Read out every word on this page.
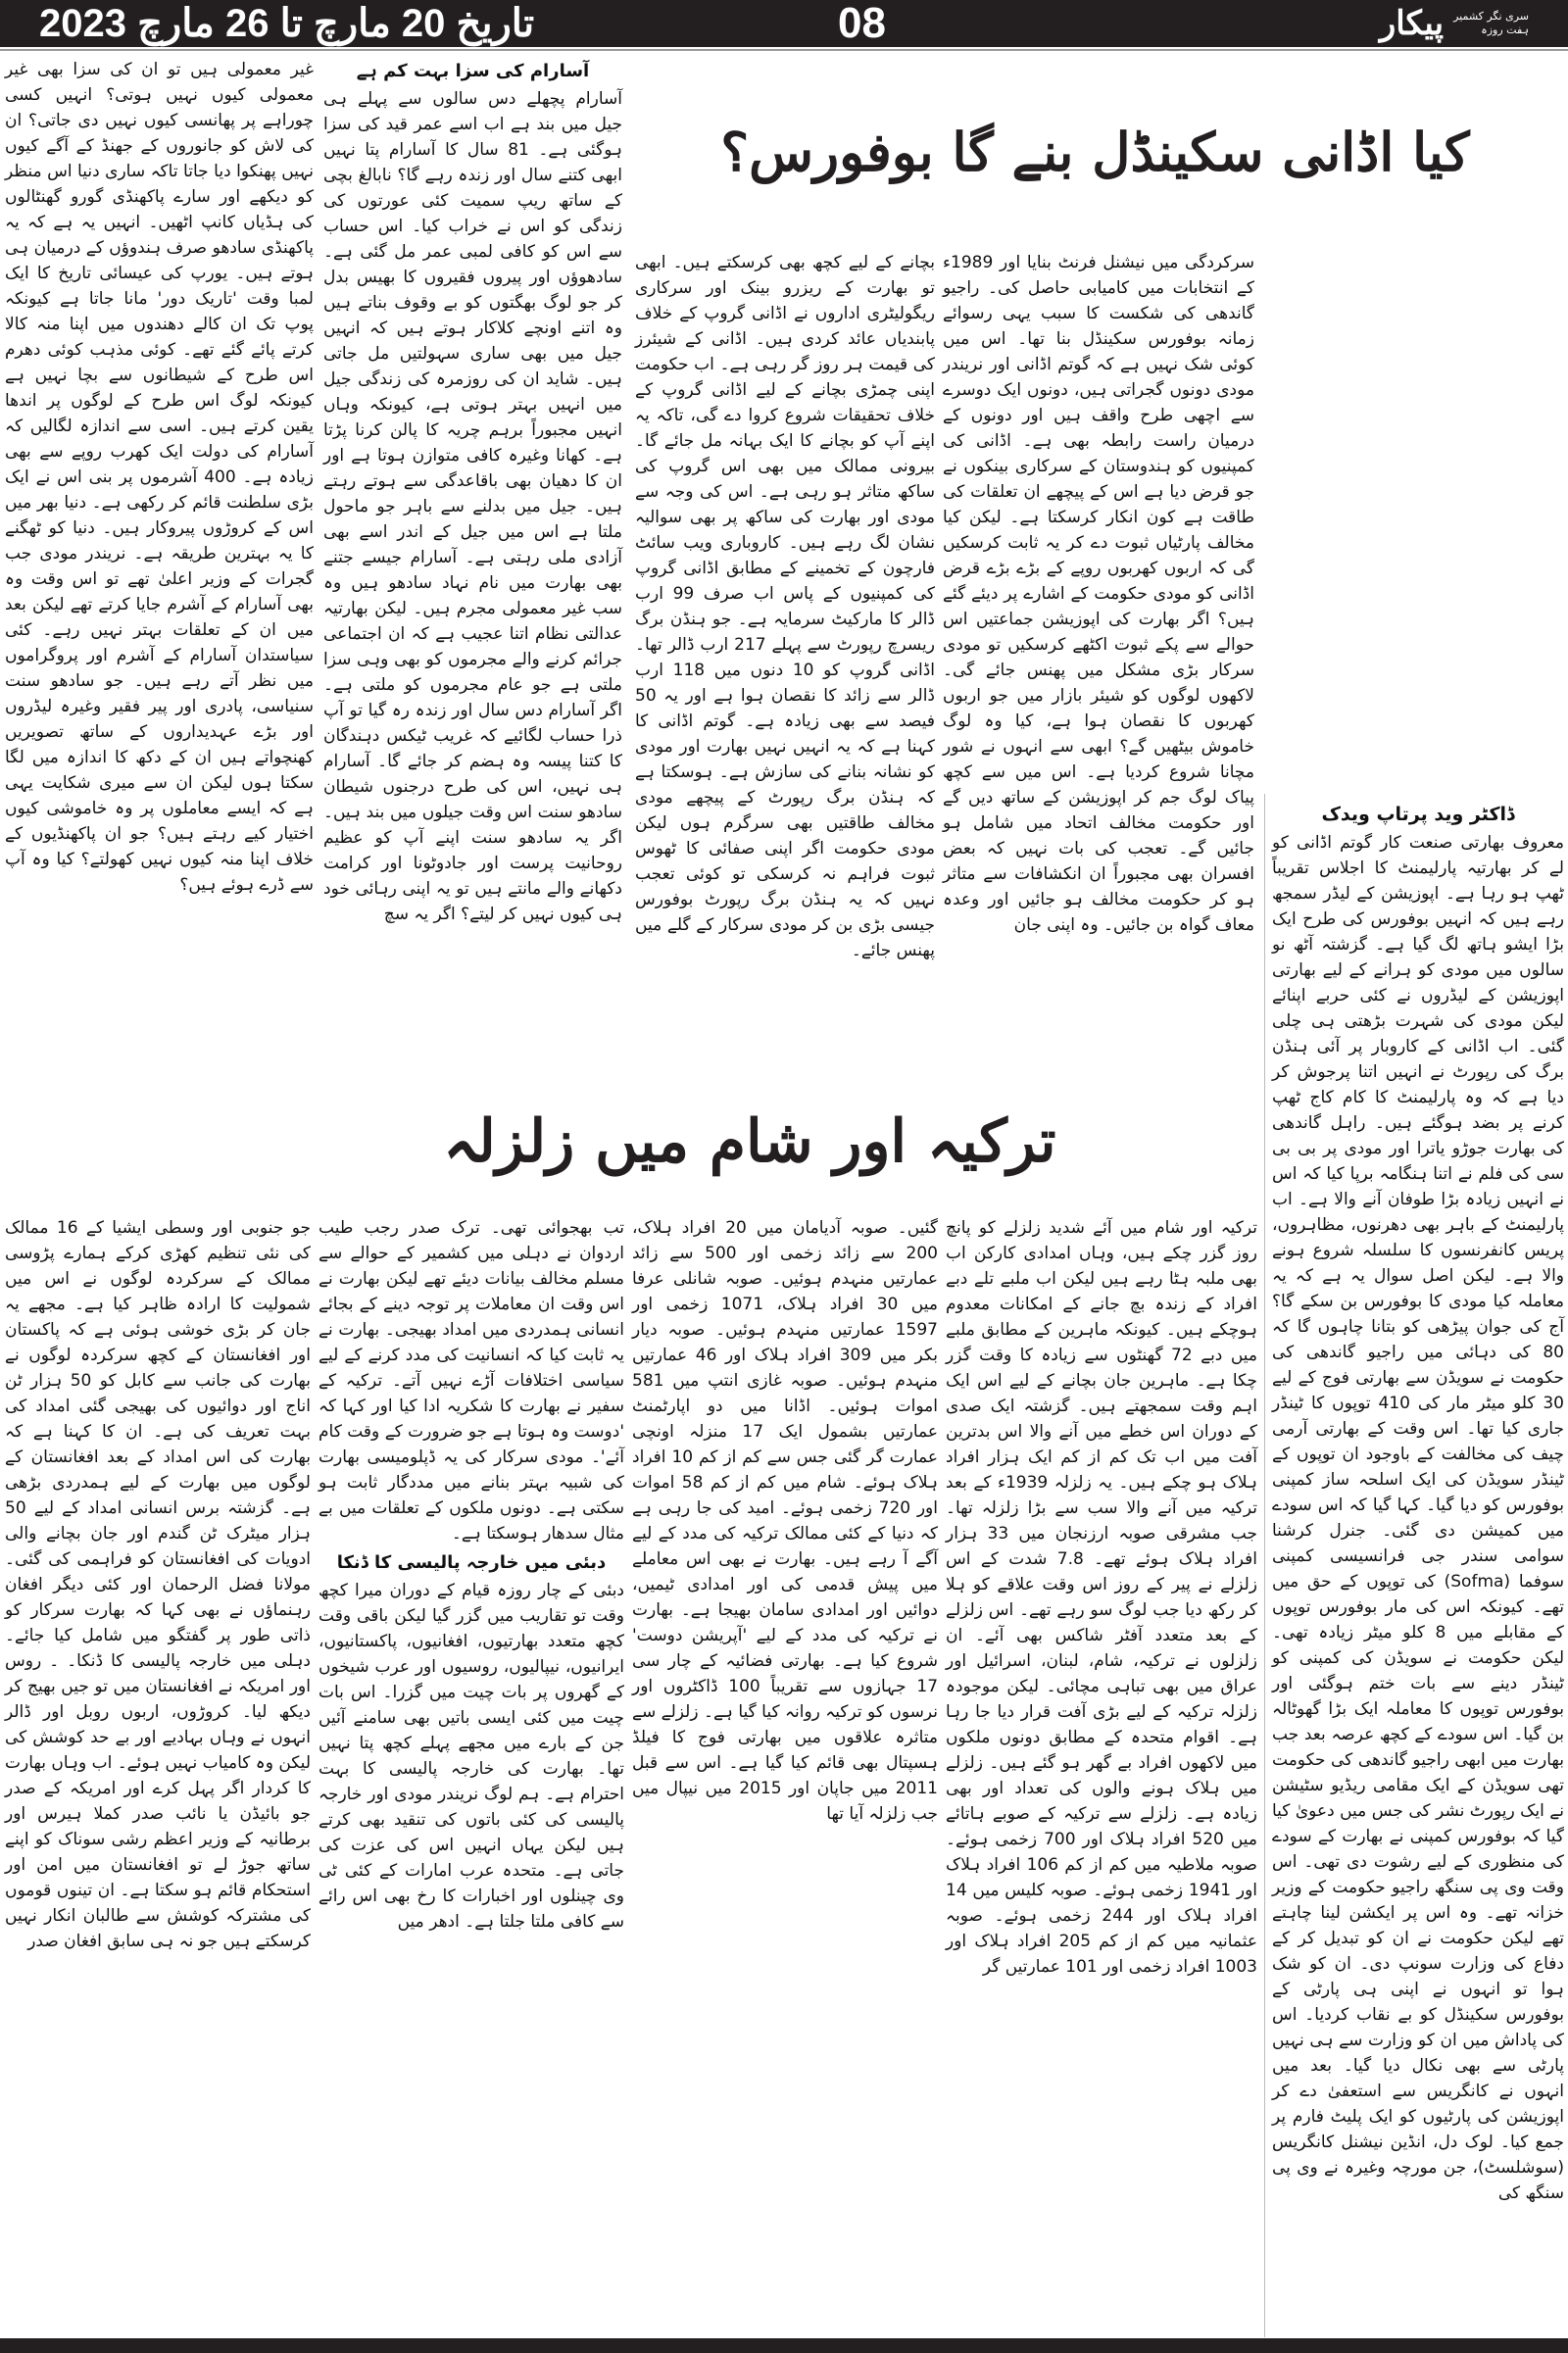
تاریخ 20 مارچ تا 26 مارچ 2023	08	سری نگر کشمیر
ہفت روزہ
پیکار
کیا اڈانی سکینڈل بنے گا بوفورس؟

سرکردگی میں نیشنل فرنٹ بنایا اور 1989ء کے انتخابات میں کامیابی حاصل کی۔ راجیو گاندھی کی شکست کا سبب یہی رسوائے زمانہ بوفورس سکینڈل بنا تھا۔ اس میں کوئی شک نہیں ہے کہ گوتم اڈانی اور نریندر مودی دونوں گجراتی ہیں، دونوں ایک دوسرے سے اچھی طرح واقف ہیں اور دونوں کے درمیان راست رابطہ بھی ہے۔ اڈانی کی کمپنیوں کو ہندوستان کے سرکاری بینکوں نے جو قرض دیا ہے اس کے پیچھے ان تعلقات کی طاقت ہے کون انکار کرسکتا ہے۔ لیکن کیا مخالف پارٹیاں ثبوت دے کر یہ ثابت کرسکیں گی کہ اربوں کھربوں روپے کے بڑے بڑے قرض اڈانی کو مودی حکومت کے اشارے پر دیئے گئے ہیں؟ اگر بھارت کی اپوزیشن جماعتیں اس حوالے سے پکے ثبوت اکٹھے کرسکیں تو مودی سرکار بڑی مشکل میں پھنس جائے گی۔ لاکھوں لوگوں کو شیئر بازار میں جو اربوں کھربوں کا نقصان ہوا ہے، کیا وہ لوگ خاموش بیٹھیں گے؟ ابھی سے انہوں نے شور مچانا شروع کردیا ہے۔ اس میں سے کچھ پیاک لوگ جم کر اپوزیشن کے ساتھ دیں گے اور حکومت مخالف اتحاد میں شامل ہو جائیں گے۔ تعجب کی بات نہیں کہ بعض افسران بھی مجبوراً ان انکشافات سے متاثر ہو کر حکومت مخالف ہو جائیں اور وعدہ معاف گواہ بن جائیں۔ وہ اپنی جان

بچانے کے لیے کچھ بھی کرسکتے ہیں۔ ابھی تو بھارت کے ریزرو بینک اور سرکاری ریگولیٹری اداروں نے اڈانی گروپ کے خلاف پابندیاں عائد کردی ہیں۔ اڈانی کے شیئرز کی قیمت ہر روز گر رہی ہے۔ اب حکومت اپنی چمڑی بچانے کے لیے اڈانی گروپ کے خلاف تحقیقات شروع کروا دے گی، تاکہ یہ اپنے آپ کو بچانے کا ایک بہانہ مل جائے گا۔ بیرونی ممالک میں بھی اس گروپ کی ساکھ متاثر ہو رہی ہے۔ اس کی وجہ سے مودی اور بھارت کی ساکھ پر بھی سوالیہ نشان لگ رہے ہیں۔ کاروباری ویب سائٹ فارچون کے تخمینے کے مطابق اڈانی گروپ کی کمپنیوں کے پاس اب صرف 99 ارب ڈالر کا مارکیٹ سرمایہ ہے۔ جو ہنڈن برگ ریسرچ رپورٹ سے پہلے 217 ارب ڈالر تھا۔ اڈانی گروپ کو 10 دنوں میں 118 ارب ڈالر سے زائد کا نقصان ہوا ہے اور یہ 50 فیصد سے بھی زیادہ ہے۔ گوتم اڈانی کا کہنا ہے کہ یہ انہیں نہیں بھارت اور مودی کو نشانہ بنانے کی سازش ہے۔ ہوسکتا ہے کہ ہنڈن برگ رپورٹ کے پیچھے مودی مخالف طاقتیں بھی سرگرم ہوں لیکن مودی حکومت اگر اپنی صفائی کا ٹھوس ثبوت فراہم نہ کرسکی تو کوئی تعجب نہیں کہ یہ ہنڈن برگ رپورٹ بوفورس جیسی بڑی بن کر مودی سرکار کے گلے میں پھنس جائے۔

ڈاکٹر وید پرتاپ ویدک

معروف بھارتی صنعت کار گوتم اڈانی کو لے کر بھارتیہ پارلیمنٹ کا اجلاس تقریباً ٹھپ ہو رہا ہے۔ اپوزیشن کے لیڈر سمجھ رہے ہیں کہ انہیں بوفورس کی طرح ایک بڑا ایشو ہاتھ لگ گیا ہے۔ گزشتہ آٹھ نو سالوں میں مودی کو ہرانے کے لیے بھارتی اپوزیشن کے لیڈروں نے کئی حربے اپنائے لیکن مودی کی شہرت بڑھتی ہی چلی گئی۔ اب اڈانی کے کاروبار پر آئی ہنڈن برگ کی رپورٹ نے انہیں اتنا پرجوش کر دیا ہے کہ وہ پارلیمنٹ کا کام کاج ٹھپ کرنے پر بضد ہوگئے ہیں۔ راہل گاندھی کی بھارت جوڑو یاترا اور مودی پر بی بی سی کی فلم نے اتنا ہنگامہ برپا کیا کہ اس نے انہیں زیادہ بڑا طوفان آنے والا ہے۔ اب پارلیمنٹ کے باہر بھی دھرنوں، مظاہروں، پریس کانفرنسوں کا سلسلہ شروع ہونے والا ہے۔ لیکن اصل سوال یہ ہے کہ یہ معاملہ کیا مودی کا بوفورس بن سکے گا؟ آج کی جوان پیڑھی کو بتانا چاہوں گا کہ 80 کی دہائی میں راجیو گاندھی کی حکومت نے سویڈن سے بھارتی فوج کے لیے 30 کلو میٹر مار کی 410 توپوں کا ٹینڈر جاری کیا تھا۔ اس وقت کے بھارتی آرمی چیف کی مخالفت کے باوجود ان توپوں کے ٹینڈر سویڈن کی ایک اسلحہ ساز کمپنی بوفورس کو دیا گیا۔ کہا گیا کہ اس سودے میں کمیشن دی گئی۔ جنرل کرشنا سوامی سندر جی فرانسیسی کمپنی سوفما (Sofma) کی توپوں کے حق میں تھے۔ کیونکہ اس کی مار بوفورس توپوں کے مقابلے میں 8 کلو میٹر زیادہ تھی۔ لیکن حکومت نے سویڈن کی کمپنی کو ٹینڈر دینے سے بات ختم ہوگئی اور بوفورس توپوں کا معاملہ ایک بڑا گھوٹالہ بن گیا۔ اس سودے کے کچھ عرصہ بعد جب بھارت میں ابھی راجیو گاندھی کی حکومت تھی سویڈن کے ایک مقامی ریڈیو سٹیشن نے ایک رپورٹ نشر کی جس میں دعویٰ کیا گیا کہ بوفورس کمپنی نے بھارت کے سودے کی منظوری کے لیے رشوت دی تھی۔ اس وقت وی پی سنگھ راجیو حکومت کے وزیر خزانہ تھے۔ وہ اس پر ایکشن لینا چاہتے تھے لیکن حکومت نے ان کو تبدیل کر کے دفاع کی وزارت سونپ دی۔ ان کو شک ہوا تو انہوں نے اپنی ہی پارٹی کے بوفورس سکینڈل کو بے نقاب کردیا۔ اس کی پاداش میں ان کو وزارت سے ہی نہیں پارٹی سے بھی نکال دیا گیا۔ بعد میں انہوں نے کانگریس سے استعفیٰ دے کر اپوزیشن کی پارٹیوں کو ایک پلیٹ فارم پر جمع کیا۔ لوک دل، انڈین نیشنل کانگریس (سوشلسٹ)، جن مورچہ وغیرہ نے وی پی سنگھ کی

آسارام کی سزا بہت کم ہے

آسارام پچھلے دس سالوں سے پہلے ہی جیل میں بند ہے اب اسے عمر قید کی سزا ہوگئی ہے۔ 81 سال کا آسارام پتا نہیں ابھی کتنے سال اور زندہ رہے گا؟ نابالغ بچی کے ساتھ ریپ سمیت کئی عورتوں کی زندگی کو اس نے خراب کیا۔ اس حساب سے اس کو کافی لمبی عمر مل گئی ہے۔ سادھوؤں اور پیروں فقیروں کا بھیس بدل کر جو لوگ بھگتوں کو بے وقوف بناتے ہیں وہ اتنے اونچے کلاکار ہوتے ہیں کہ انہیں جیل میں بھی ساری سہولتیں مل جاتی ہیں۔ شاید ان کی روزمرہ کی زندگی جیل میں انہیں بہتر ہوتی ہے، کیونکہ وہاں انہیں مجبوراً برہم چریہ کا پالن کرنا پڑتا ہے۔ کھانا وغیرہ کافی متوازن ہوتا ہے اور ان کا دھیان بھی باقاعدگی سے ہوتے رہتے ہیں۔ جیل میں بدلنے سے باہر جو ماحول ملتا ہے اس میں جیل کے اندر اسے بھی آزادی ملی رہتی ہے۔ آسارام جیسے جتنے بھی بھارت میں نام نہاد سادھو ہیں وہ سب غیر معمولی مجرم ہیں۔ لیکن بھارتیہ عدالتی نظام اتنا عجیب ہے کہ ان اجتماعی جرائم کرنے والے مجرموں کو بھی وہی سزا ملتی ہے جو عام مجرموں کو ملتی ہے۔ اگر آسارام دس سال اور زندہ رہ گیا تو آپ ذرا حساب لگائیے کہ غریب ٹیکس دہندگان کا کتنا پیسہ وہ ہضم کر جائے گا۔ آسارام ہی نہیں، اس کی طرح درجنوں شیطان سادھو سنت اس وقت جیلوں میں بند ہیں۔ اگر یہ سادھو سنت اپنے آپ کو عظیم روحانیت پرست اور جادوٹونا اور کرامت دکھانے والے مانتے ہیں تو یہ اپنی رہائی خود ہی کیوں نہیں کر لیتے؟ اگر یہ سچ

غیر معمولی ہیں تو ان کی سزا بھی غیر معمولی کیوں نہیں ہوتی؟ انہیں کسی چوراہے پر پھانسی کیوں نہیں دی جاتی؟ ان کی لاش کو جانوروں کے جھنڈ کے آگے کیوں نہیں پھنکوا دیا جاتا تاکہ ساری دنیا اس منظر کو دیکھے اور سارے پاکھنڈی گورو گھنٹالوں کی ہڈیاں کانپ اٹھیں۔ انہیں یہ ہے کہ یہ پاکھنڈی سادھو صرف ہندوؤں کے درمیان ہی ہوتے ہیں۔ یورپ کی عیسائی تاریخ کا ایک لمبا وقت 'تاریک دور' مانا جاتا ہے کیونکہ پوپ تک ان کالے دھندوں میں اپنا منہ کالا کرتے پائے گئے تھے۔ کوئی مذہب کوئی دھرم اس طرح کے شیطانوں سے بچا نہیں ہے کیونکہ لوگ اس طرح کے لوگوں پر اندھا یقین کرتے ہیں۔ اسی سے اندازہ لگالیں کہ آسارام کی دولت ایک کھرب روپے سے بھی زیادہ ہے۔ 400 آشرموں پر بنی اس نے ایک بڑی سلطنت قائم کر رکھی ہے۔ دنیا بھر میں اس کے کروڑوں پیروکار ہیں۔ دنیا کو ٹھگنے کا یہ بہترین طریقہ ہے۔ نریندر مودی جب گجرات کے وزیر اعلیٰ تھے تو اس وقت وہ بھی آسارام کے آشرم جایا کرتے تھے لیکن بعد میں ان کے تعلقات بہتر نہیں رہے۔ کئی سیاستدان آسارام کے آشرم اور پروگراموں میں نظر آتے رہے ہیں۔ جو سادھو سنت سنیاسی، پادری اور پیر فقیر وغیرہ لیڈروں اور بڑے عہدیداروں کے ساتھ تصویریں کھنچواتے ہیں ان کے دکھ کا اندازہ میں لگا سکتا ہوں لیکن ان سے میری شکایت یہی ہے کہ ایسے معاملوں پر وہ خاموشی کیوں اختیار کیے رہتے ہیں؟ جو ان پاکھنڈیوں کے خلاف اپنا منہ کیوں نہیں کھولتے؟ کیا وہ آپ سے ڈرے ہوئے ہیں؟

ترکیہ اور شام میں زلزلہ

ترکیہ اور شام میں آئے شدید زلزلے کو پانچ روز گزر چکے ہیں، وہاں امدادی کارکن اب بھی ملبہ ہٹا رہے ہیں لیکن اب ملبے تلے دبے افراد کے زندہ بچ جانے کے امکانات معدوم ہوچکے ہیں۔ کیونکہ ماہرین کے مطابق ملبے میں دبے 72 گھنٹوں سے زیادہ کا وقت گزر چکا ہے۔ ماہرین جان بچانے کے لیے اس ایک اہم وقت سمجھتے ہیں۔ گزشتہ ایک صدی کے دوران اس خطے میں آنے والا اس بدترین آفت میں اب تک کم از کم ایک ہزار افراد ہلاک ہو چکے ہیں۔ یہ زلزلہ 1939ء کے بعد ترکیہ میں آنے والا سب سے بڑا زلزلہ تھا۔ جب مشرقی صوبہ ارزنجان میں 33 ہزار افراد ہلاک ہوئے تھے۔ 7.8 شدت کے اس زلزلے نے پیر کے روز اس وقت علاقے کو ہلا کر رکھ دیا جب لوگ سو رہے تھے۔ اس زلزلے کے بعد متعدد آفٹر شاکس بھی آئے۔ ان زلزلوں نے ترکیہ، شام، لبنان، اسرائیل اور عراق میں بھی تباہی مچائی۔ لیکن موجودہ زلزلہ ترکیہ کے لیے بڑی آفت قرار دیا جا رہا ہے۔ اقوام متحدہ کے مطابق دونوں ملکوں میں لاکھوں افراد بے گھر ہو گئے ہیں۔ زلزلے میں ہلاک ہونے والوں کی تعداد اور بھی زیادہ ہے۔ زلزلے سے ترکیہ کے صوبے ہاتائے میں 520 افراد ہلاک اور 700 زخمی ہوئے۔ صوبہ ملاطیہ میں کم از کم 106 افراد ہلاک اور 1941 زخمی ہوئے۔ صوبہ کلیس میں 14 افراد ہلاک اور 244 زخمی ہوئے۔ صوبہ عثمانیہ میں کم از کم 205 افراد ہلاک اور 1003 افراد زخمی اور 101 عمارتیں گر

گئیں۔ صوبہ آدیامان میں 20 افراد ہلاک، 200 سے زائد زخمی اور 500 سے زائد عمارتیں منہدم ہوئیں۔ صوبہ شانلی عرفا میں 30 افراد ہلاک، 1071 زخمی اور 1597 عمارتیں منہدم ہوئیں۔ صوبہ دیار بکر میں 309 افراد ہلاک اور 46 عمارتیں منہدم ہوئیں۔ صوبہ غازی انتپ میں 581 اموات ہوئیں۔ اڈانا میں دو اپارٹمنٹ عمارتیں بشمول ایک 17 منزلہ اونچی عمارت گر گئی جس سے کم از کم 10 افراد ہلاک ہوئے۔ شام میں کم از کم 58 اموات اور 720 زخمی ہوئے۔ امید کی جا رہی ہے کہ دنیا کے کئی ممالک ترکیہ کی مدد کے لیے آگے آ رہے ہیں۔ بھارت نے بھی اس معاملے میں پیش قدمی کی اور امدادی ٹیمیں، دوائیں اور امدادی سامان بھیجا ہے۔ بھارت نے ترکیہ کی مدد کے لیے 'آپریشن دوست' شروع کیا ہے۔ بھارتی فضائیہ کے چار سی 17 جہازوں سے تقریباً 100 ڈاکٹروں اور نرسوں کو ترکیہ روانہ کیا گیا ہے۔ زلزلے سے متاثرہ علاقوں میں بھارتی فوج کا فیلڈ ہسپتال بھی قائم کیا گیا ہے۔ اس سے قبل 2011 میں جاپان اور 2015 میں نیپال میں جب زلزلہ آیا تھا

تب بھجوائی تھی۔ ترک صدر رجب طیب اردوان نے دہلی میں کشمیر کے حوالے سے مسلم مخالف بیانات دیئے تھے لیکن بھارت نے اس وقت ان معاملات پر توجہ دینے کے بجائے انسانی ہمدردی میں امداد بھیجی۔ بھارت نے یہ ثابت کیا کہ انسانیت کی مدد کرنے کے لیے سیاسی اختلافات آڑے نہیں آتے۔ ترکیہ کے سفیر نے بھارت کا شکریہ ادا کیا اور کہا کہ 'دوست وہ ہوتا ہے جو ضرورت کے وقت کام آئے'۔ مودی سرکار کی یہ ڈپلومیسی بھارت کی شبیہ بہتر بنانے میں مددگار ثابت ہو سکتی ہے۔ دونوں ملکوں کے تعلقات میں بے مثال سدھار ہوسکتا ہے۔

دبئی میں خارجہ پالیسی کا ڈنکا

دبئی کے چار روزہ قیام کے دوران میرا کچھ وقت تو تقاریب میں گزر گیا لیکن باقی وقت کچھ متعدد بھارتیوں، افغانیوں، پاکستانیوں، ایرانیوں، نیپالیوں، روسیوں اور عرب شیخوں کے گھروں پر بات چیت میں گزرا۔ اس بات چیت میں کئی ایسی باتیں بھی سامنے آئیں جن کے بارے میں مجھے پہلے کچھ پتا نہیں تھا۔ بھارت کی خارجہ پالیسی کا بہت احترام ہے۔ ہم لوگ نریندر مودی اور خارجہ پالیسی کی کئی باتوں کی تنقید بھی کرتے ہیں لیکن یہاں انہیں اس کی عزت کی جاتی ہے۔ متحدہ عرب امارات کے کئی ٹی وی چینلوں اور اخبارات کا رخ بھی اس رائے سے کافی ملتا جلتا ہے۔ ادھر میں

جو جنوبی اور وسطی ایشیا کے 16 ممالک کی نئی تنظیم کھڑی کرکے ہمارے پڑوسی ممالک کے سرکردہ لوگوں نے اس میں شمولیت کا ارادہ ظاہر کیا ہے۔ مجھے یہ جان کر بڑی خوشی ہوئی ہے کہ پاکستان اور افغانستان کے کچھ سرکردہ لوگوں نے بھارت کی جانب سے کابل کو 50 ہزار ٹن اناج اور دوائیوں کی بھیجی گئی امداد کی بہت تعریف کی ہے۔ ان کا کہنا ہے کہ بھارت کی اس امداد کے بعد افغانستان کے لوگوں میں بھارت کے لیے ہمدردی بڑھی ہے۔ گزشتہ برس انسانی امداد کے لیے 50 ہزار میٹرک ٹن گندم اور جان بچانے والی ادویات کی افغانستان کو فراہمی کی گئی۔ مولانا فضل الرحمان اور کئی دیگر افغان رہنماؤں نے بھی کہا کہ بھارت سرکار کو ذاتی طور پر گفتگو میں شامل کیا جائے۔ دہلی میں خارجہ پالیسی کا ڈنکا۔ ۔ روس اور امریکہ نے افغانستان میں تو جیں بھیج کر دیکھ لیا۔ کروڑوں، اربوں روبل اور ڈالر انہوں نے وہاں بہادیے اور بے حد کوشش کی لیکن وہ کامیاب نہیں ہوئے۔ اب وہاں بھارت کا کردار اگر پہل کرے اور امریکہ کے صدر جو بائیڈن یا نائب صدر کملا ہیرس اور برطانیہ کے وزیر اعظم رشی سوناک کو اپنے ساتھ جوڑ لے تو افغانستان میں امن اور استحکام قائم ہو سکتا ہے۔ ان تینوں قوموں کی مشترکہ کوشش سے طالبان انکار نہیں کرسکتے ہیں جو نہ ہی سابق افغان صدر
